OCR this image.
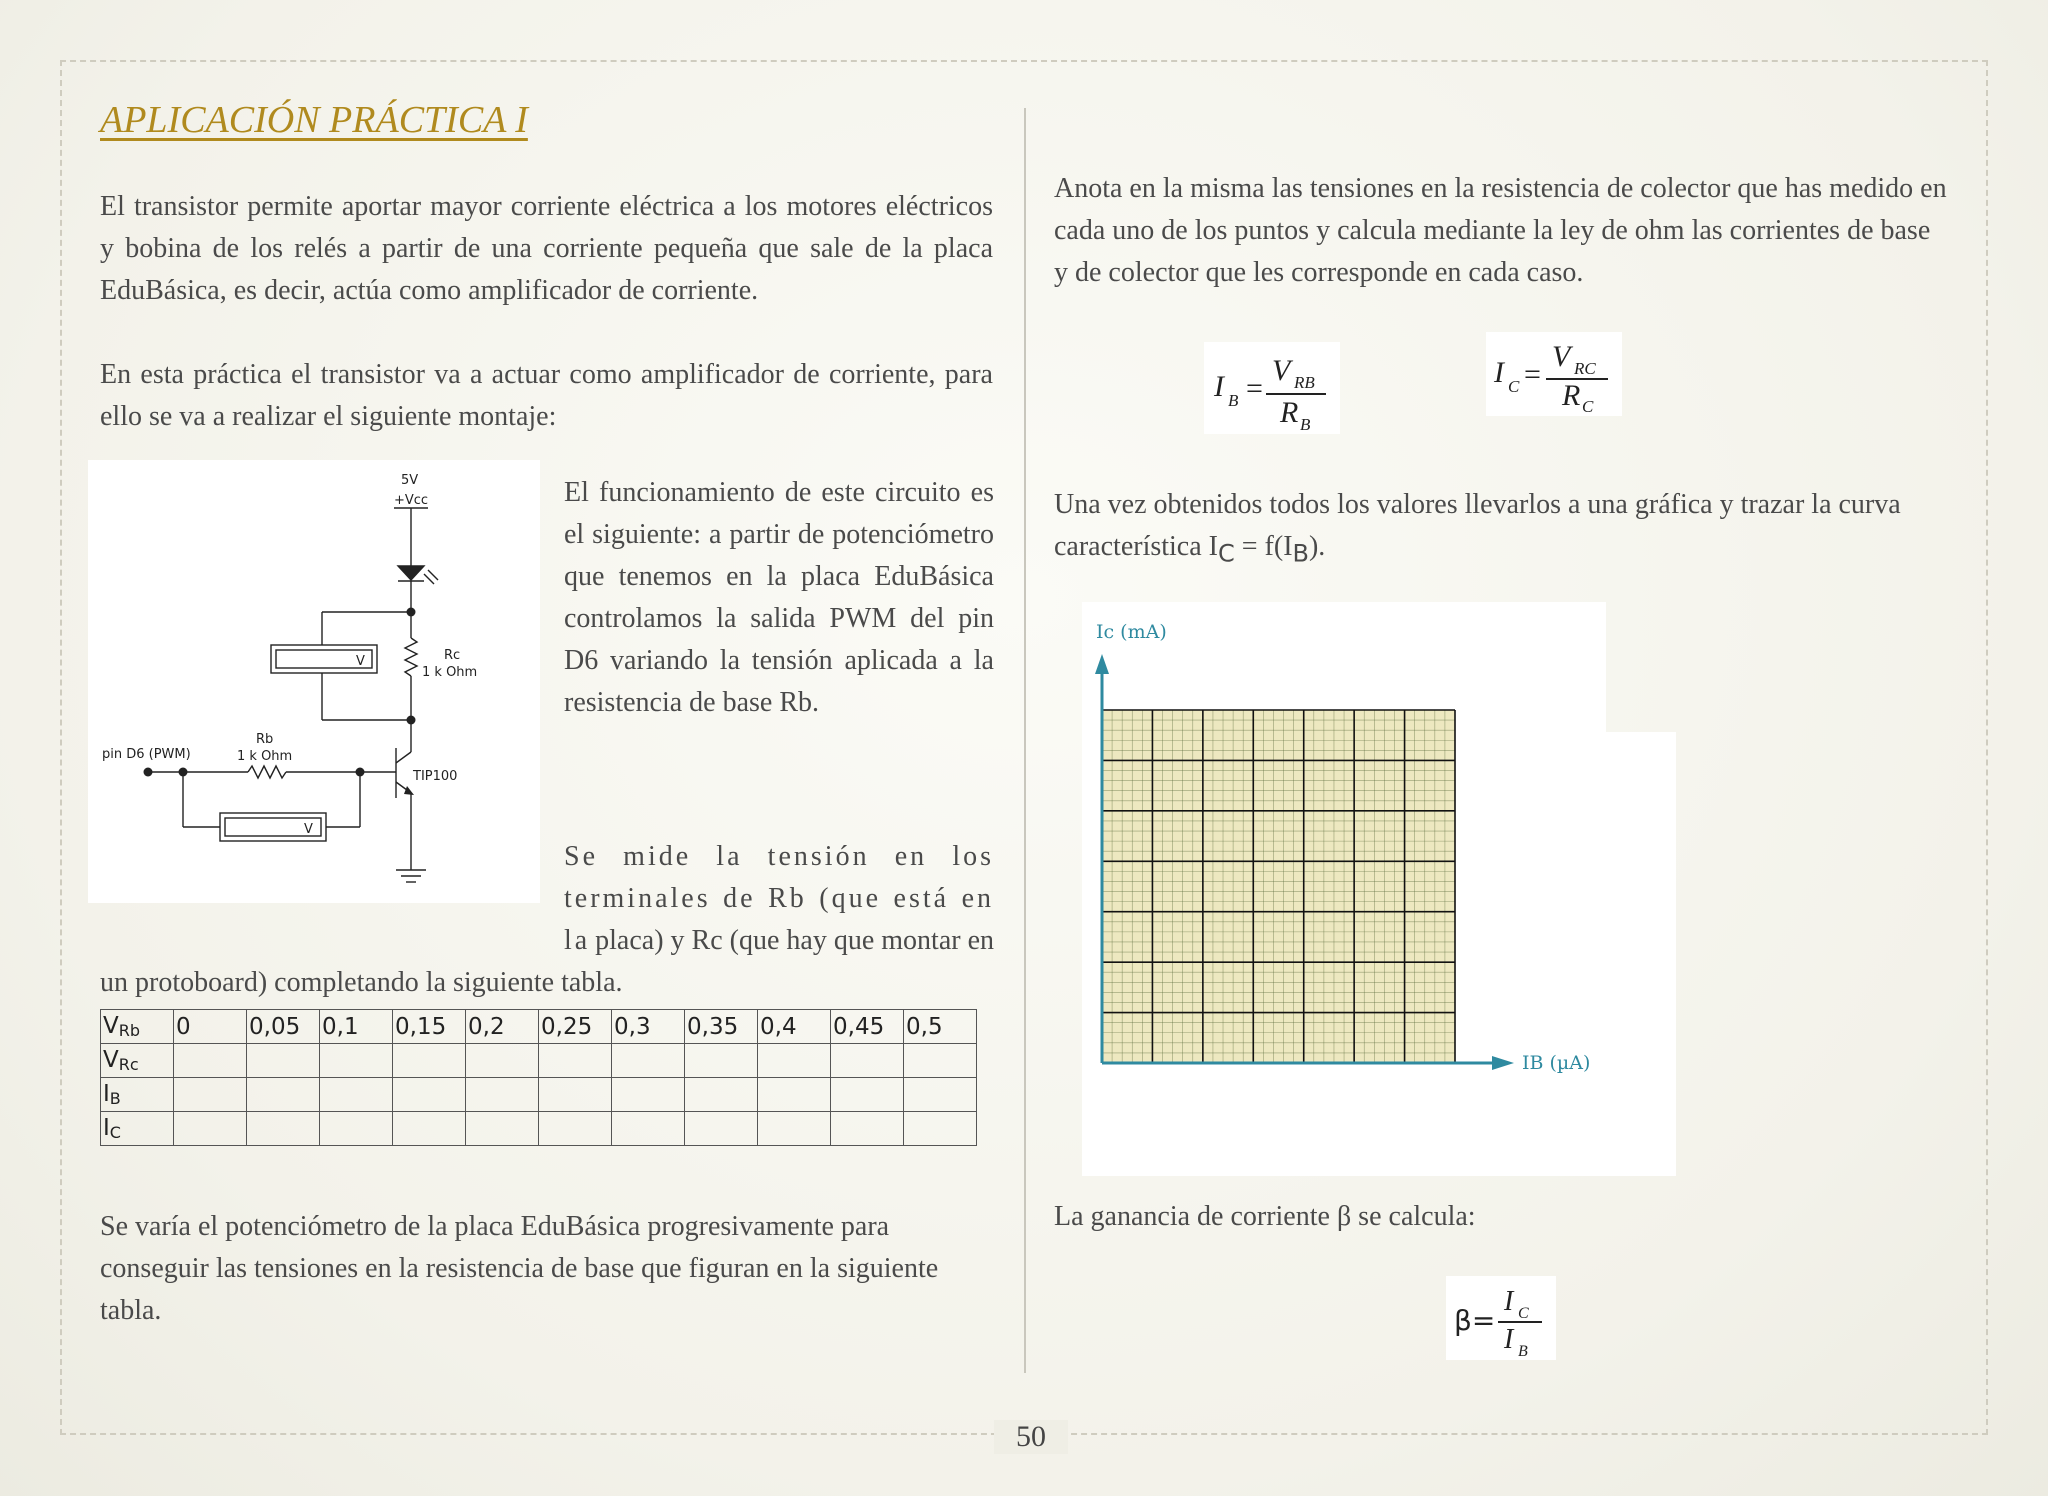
APLICACIÓN PRÁCTICA I

El transistor permite aportar mayor corriente eléctrica a los motores eléctricos y bobina de los relés a partir de una corriente pequeña que sale de la placa EduBásica, es decir, actúa como amplificador de corriente.

En esta práctica el transistor va a actuar como amplificador de corriente, para ello se va a realizar el siguiente montaje:

5V
+Vcc
V
V
Rc
1 k Ohm
Rb
1 k Ohm
pin D6 (PWM)
TIP100

El funcionamiento de este circuito es el siguiente: a partir de potenciómetro que tenemos en la placa EduBásica controlamos la salida PWM del pin D6 variando la tensión aplicada a la resistencia de base Rb.

Se mide la tensión en los terminales de Rb (que está en la placa) y Rc (que hay que montar en

un protoboard) completando la siguiente tabla.

$V_{Rb}$	0	0,05	0,1	0,15	0,2	0,25	0,3	0,35	0,4	0,45	0,5
$V_{Rc}$											
$I_B$											
$I_C$											

Se varía el potenciómetro de la placa EduBásica progresivamente para conseguir las tensiones en la resistencia de base que figuran en la siguiente tabla.

Anota en la misma las tensiones en la resistencia de colector que has medido en cada uno de los puntos y calcula mediante la ley de ohm las corrientes de base y de colector que les corresponde en cada caso.

I B =
V RB
R B
I C =
V RC
R C

Una vez obtenidos todos los valores llevarlos a una gráfica y trazar la curva característica $I_C = f(I_B)$.

Ic (mA)
IB (µA)

La ganancia de corriente β se calcula:

β=
I C
I B
50
